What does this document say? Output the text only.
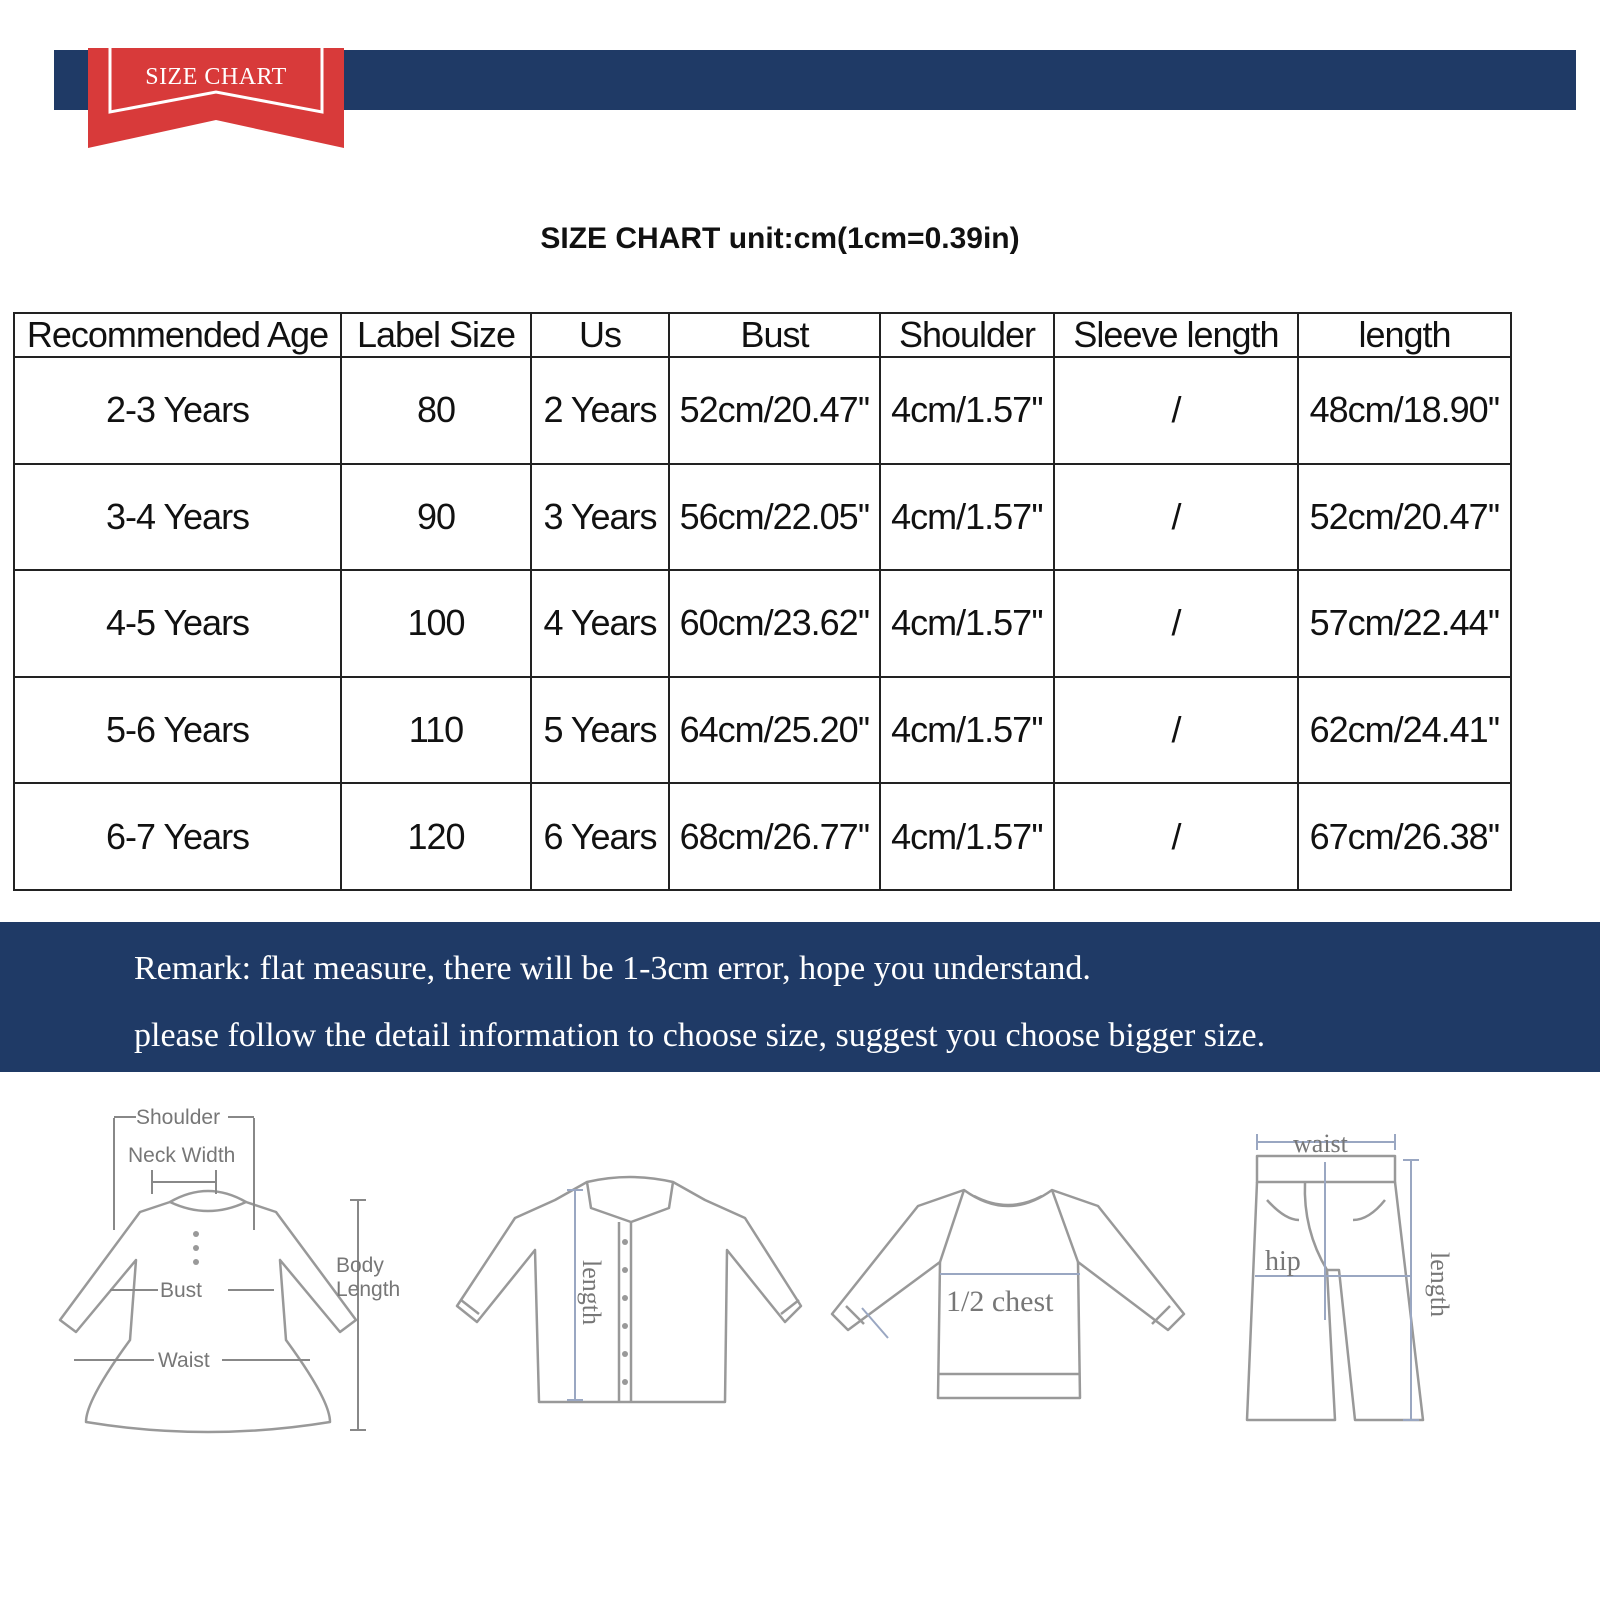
SIZE CHART
SIZE CHART unit:cm(1cm=0.39in)
Recommended Age	Label Size	Us	Bust	Shoulder	Sleeve length	length
2-3 Years	80	2 Years	52cm/20.47''	4cm/1.57''	/	48cm/18.90''
3-4 Years	90	3 Years	56cm/22.05''	4cm/1.57''	/	52cm/20.47''
4-5 Years	100	4 Years	60cm/23.62''	4cm/1.57''	/	57cm/22.44''
5-6 Years	110	5 Years	64cm/25.20''	4cm/1.57''	/	62cm/24.41''
6-7 Years	120	6 Years	68cm/26.77''	4cm/1.57''	/	67cm/26.38''
Remark: flat measure, there will be 1-3cm error, hope you understand.
please follow the detail information to choose size, suggest you choose bigger size.
Shoulder
Neck Width
Bust
Waist
Body
Length	length	1/2 chest
waist
hip	length
